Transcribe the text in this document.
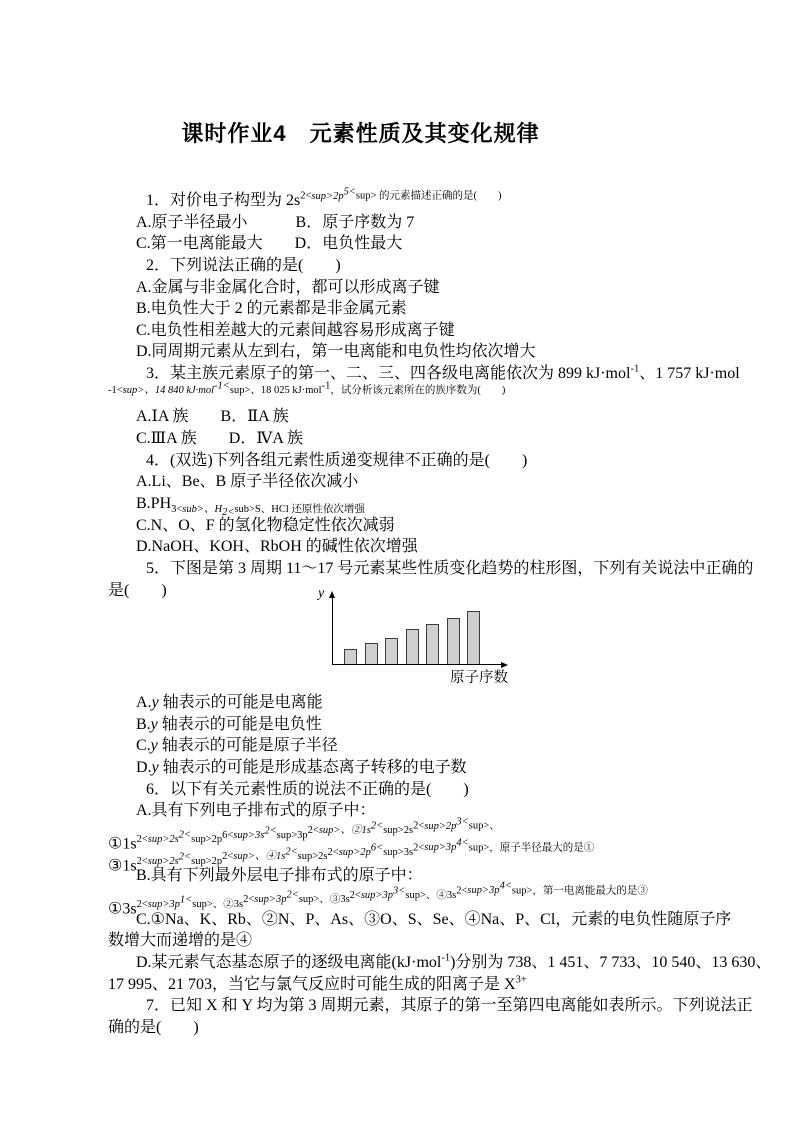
课时作业4　元素性质及其变化规律
1．对价电子构型为 $2s^{2<sup>2p^{5<}sup> 的元素描述正确的是( )}$
A.原子半径最小　　　B．原子序数为 7
C.第一电离能最大　　D．电负性最大
2．下列说法正确的是(　　)
A.金属与非金属化合时，都可以形成离子键
B.电负性大于 2 的元素都是非金属元素
C.电负性相差越大的元素间越容易形成离子键
D.同周期元素从左到右，第一电离能和电负性均依次增大
3．某主族元素原子的第一、二、三、四各级电离能依次为 899 kJ·mol$^{-1}$、1 757 kJ·mol
$^{-1<sup>、14 840 kJ\cdot mol^{-1<}sup>、18 025 kJ\cdot mol^{-1},试分析该元素所在的族序数为( )}$
A.ⅠA 族　　B．ⅡA 族
C.ⅢA 族　　D．ⅣA 族
4．(双选)下列各组元素性质递变规律不正确的是(　　)
A.Li、Be、B 原子半径依次减小
$B.PH_{3<sub>、H_{2<}sub>S、HCl 还原性依次增强}$
C.N、O、F 的氢化物稳定性依次减弱
D.NaOH、KOH、RbOH 的碱性依次增强
5．下图是第 3 周期 11～17 号元素某些性质变化趋势的柱形图，下列有关说法中正确的
是(　　)
A.y 轴表示的可能是电离能
B.y 轴表示的可能是电负性
C.y 轴表示的可能是原子半径
D.y 轴表示的可能是形成基态离子转移的电子数
6．以下有关元素性质的说法不正确的是(　　)
A.具有下列电子排布式的原子中：
$①1s^{2<sup>2s^{2<}sup>2p^{6<sup>3s^{2<}sup>3p^{2<sup>、②1s^{2<}sup>2s^{2<sup>2p^{3<}sup>、}}}}$
$③1s^{2<sup>2s^{2<}sup>2p^{2<sup>、④1s^{2<}sup>2s^{2<sup>2p^{6<}sup>3s^{2<sup>3p^{4<}sup>,原子半径最大的是①}}}}$
B.具有下列最外层电子排布式的原子中：
$①3s^{2<sup>3p^{1<}sup>、②3s^{2<sup>3p^{2<}sup>、③3s^{2<sup>3p^{3<}sup>、④3s^{2<sup>3p^{4<}sup>,第一电离能最大的是③}}}}$
C.①Na、K、Rb、②N、P、As、③O、S、Se、④Na、P、Cl，元素的电负性随原子序
数增大而递增的是④
D.某元素气态基态原子的逐级电离能(kJ·mol$^{-1}$)分别为 738、1 451、7 733、10 540、13 630、
17 995、21 703，当它与氯气反应时可能生成的阳离子是 $X^{3+}$
7．已知 X 和 Y 均为第 3 周期元素，其原子的第一至第四电离能如表所示。下列说法正
确的是(　　)
y
原子序数
